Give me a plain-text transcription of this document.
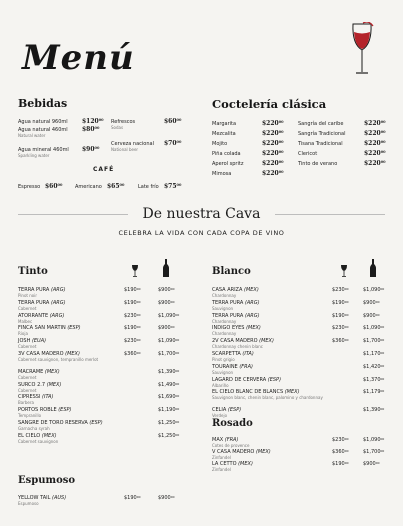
Menú
Bebidas	Coctelería clásica
Agua natural 960ml $\$120^{00}$
Agua natural 460ml
Natural water
$\$80^{00}$
Agua mineral 460ml
Sparkling water
$\$90^{00}$
Refrescos
Sodas
$\$60^{00}$
Cerveza nacional
National beer
$\$70^{00}$
Margarita	$\$220^{00}$
Mezcalita	$\$220^{00}$
Mojito	$\$220^{00}$
Piña colada	$\$220^{00}$
Aperol spritz	$\$220^{00}$
Mimosa	$\$220^{00}$
Sangría del caribe	$\$220^{00}$
Sangría Tradicional	$\$220^{00}$
Tisana Tradicional	$\$220^{00}$
Clericot	$\$220^{00}$
Tinto de verano	$\$220^{00}$
CAFÉ
Espresso $\$60^{00}$	Americano $\$65^{00}$	Late frío $\$75^{00}$
De nuestra Cava
CELEBRA LA VIDA CON CADA COPA DE VINO
Tinto	Blanco
Espumoso
Rosado
TERRA PURA (ARG)
Pinot noir
$\$190^{00}$	$\$900^{00}$
TERRA PURA (ARG)
Cabernet
$\$190^{00}$	$\$900^{00}$
ATORRANTE (ARG)
Malbec
$\$230^{00}$	$1,090$^{00}$
FINCA SAN MARTIN (ESP)
Rioja
$\$190^{00}$	$\$900^{00}$
JOSH (EUA)
Cabernet
$\$230^{00}$	$1,090$^{00}$
3V CASA MADERO (MEX)
Cabernet sauvignon, tempranillo merlot
$\$360^{00}$	$1,700$^{00}$
MACRAME (MEX)
Cabernet
$1,390$^{00}$
SURCO 2.7 (MEX)
Cabernet
$1,490$^{00}$
CIPRESSI (ITA)
Barbera
$1,690$^{00}$
PORTOS ROBLE (ESP)
Tempranillo
$1,190$^{00}$
SANGRE DE TORO RESERVA (ESP)
Garnacha syrah
$1,250$^{00}$
EL CIELO (MEX)
Cabernet sauvignon
$1,250$^{00}$
YELLOW TAIL (AUS)
Espumoso
$\$190^{00}$	$\$900^{00}$
CASA ARIZA (MEX)
Chardonnay
$\$230^{00}$	$1,090$^{00}$
TERRA PURA (ARG)
Sauvignon
$\$190^{00}$	$\$900^{00}$
TERRA PURA (ARG)
Chardonnay
$\$190^{00}$	$\$900^{00}$
INDIGO EYES (MEX)
Chardonnay
$\$230^{00}$	$1,090$^{00}$
2V CASA MADERO (MEX)
Chardonnay chenin blanc
$\$360^{00}$	$1,700$^{00}$
SCARPETTA (ITA)
Pinot grigio
$1,170$^{00}$
TOURAINE (FRA)
Sauvignon
$1,420$^{00}$
LAGARD DE CERVERA (ESP)
Albariño
$1,370$^{00}$
EL CIELO BLANC DE BLANCS (MEX)
Sauvignon blanc, chenin blanc, palomino y chardonnay
$1,179$^{00}$
CELIA (ESP)
Verdejo
$1,390$^{00}$
MAX (FRA)
Cotes de provence
$\$230^{00}$	$1,090$^{00}$
V CASA MADERO (MEX)
Zinfandel
$\$360^{00}$	$1,700$^{00}$
LA CETTO (MEX)
Zinfandel
$\$190^{00}$	$\$900^{00}$
